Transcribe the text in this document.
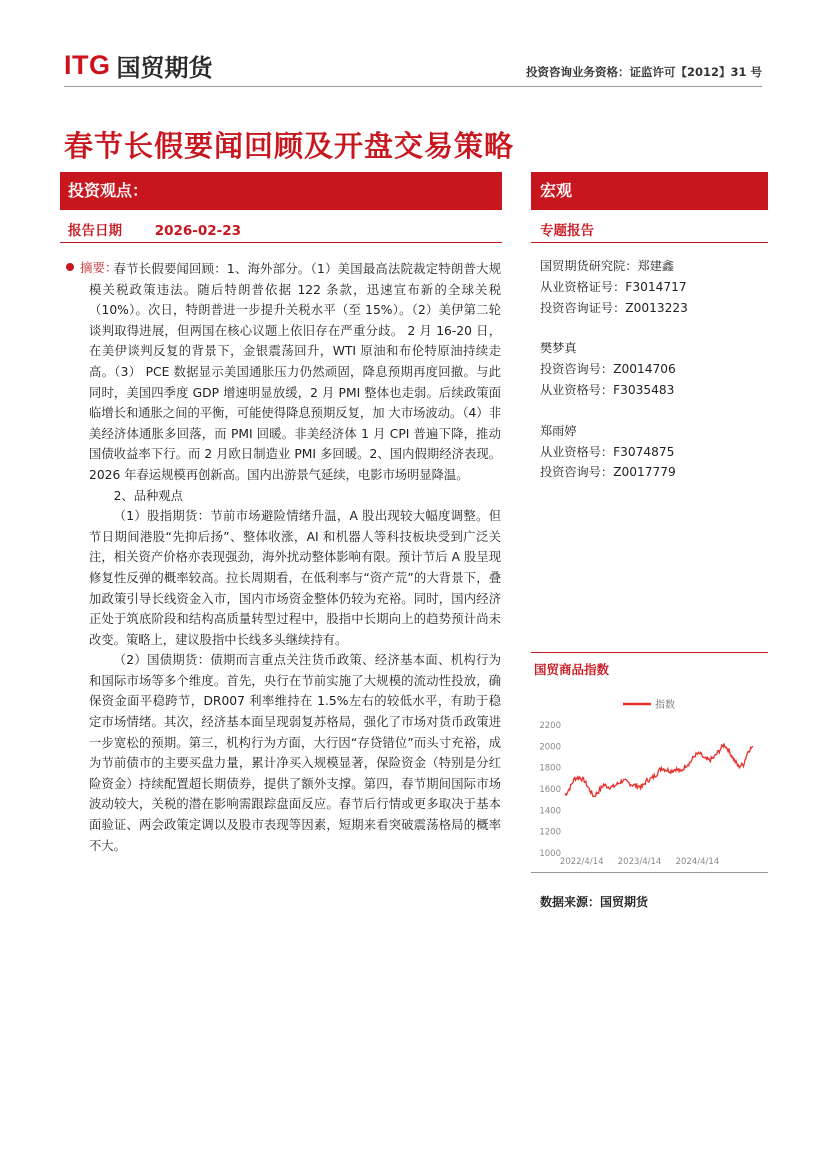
ITG 国贸期货	投资咨询业务资格：证监许可【2012】31 号
春节长假要闻回顾及开盘交易策略
投资观点：	宏观
报告日期 2026-02-23	专题报告
摘要：

春节长假要闻回顾：1、海外部分。（1）美国最高法院裁定特朗普大规模关税政策违法。随后特朗普依据 122 条款，迅速宣布新的全球关税（10%）。次日，特朗普进一步提升关税水平（至 15%）。（2）美伊第二轮谈判取得进展，但两国在核心议题上依旧存在严重分歧。 2 月 16-20 日，在美伊谈判反复的背景下，金银震荡回升，WTI 原油和布伦特原油持续走高。（3） PCE 数据显示美国通胀压力仍然顽固，降息预期再度回撤。与此同时，美国四季度 GDP 增速明显放缓，2 月 PMI 整体也走弱。后续政策面临增长和通胀之间的平衡，可能使得降息预期反复，加 大市场波动。（4）非美经济体通胀多回落，而 PMI 回暖。非美经济体 1 月 CPI 普遍下降，推动国债收益率下行。而 2 月欧日制造业 PMI 多回暖。2、国内假期经济表现。2026 年春运规模再创新高。国内出游景气延续，电影市场明显降温。

2、品种观点

（1）股指期货：节前市场避险情绪升温，A 股出现较大幅度调整。但节日期间港股“先抑后扬”、整体收涨，AI 和机器人等科技板块受到广泛关注，相关资产价格亦表现强劲，海外扰动整体影响有限。预计节后 A 股呈现修复性反弹的概率较高。拉长周期看，在低利率与“资产荒”的大背景下，叠加政策引导长线资金入市，国内市场资金整体仍较为充裕。同时，国内经济正处于筑底阶段和结构高质量转型过程中，股指中长期向上的趋势预计尚未改变。策略上，建议股指中长线多头继续持有。

（2）国债期货：债期而言重点关注货币政策、经济基本面、机构行为和国际市场等多个维度。首先，央行在节前实施了大规模的流动性投放，确保资金面平稳跨节，DR007 利率维持在 1.5%左右的较低水平，有助于稳定市场情绪。其次，经济基本面呈现弱复苏格局，强化了市场对货币政策进一步宽松的预期。第三，机构行为方面，大行因“存贷错位”而头寸充裕，成为节前债市的主要买盘力量，累计净买入规模显著，保险资金（特别是分红险资金）持续配置超长期债券，提供了额外支撑。第四，春节期间国际市场波动较大，关税的潜在影响需跟踪盘面反应。春节后行情或更多取决于基本面验证、两会政策定调以及股市表现等因素，短期来看突破震荡格局的概率不大。

国贸期货研究院：郑建鑫
从业资格证号：F3014717
投资咨询证号：Z0013223
樊梦真
投资咨询号：Z0014706
从业资格号：F3035483
郑雨婷
从业资格号：F3074875
投资咨询号：Z0017779
国贸商品指数
指数
2200
2000
1800
1600
1400
1200
1000
2022/4/14 2023/4/14 2024/4/14
数据来源：国贸期货
